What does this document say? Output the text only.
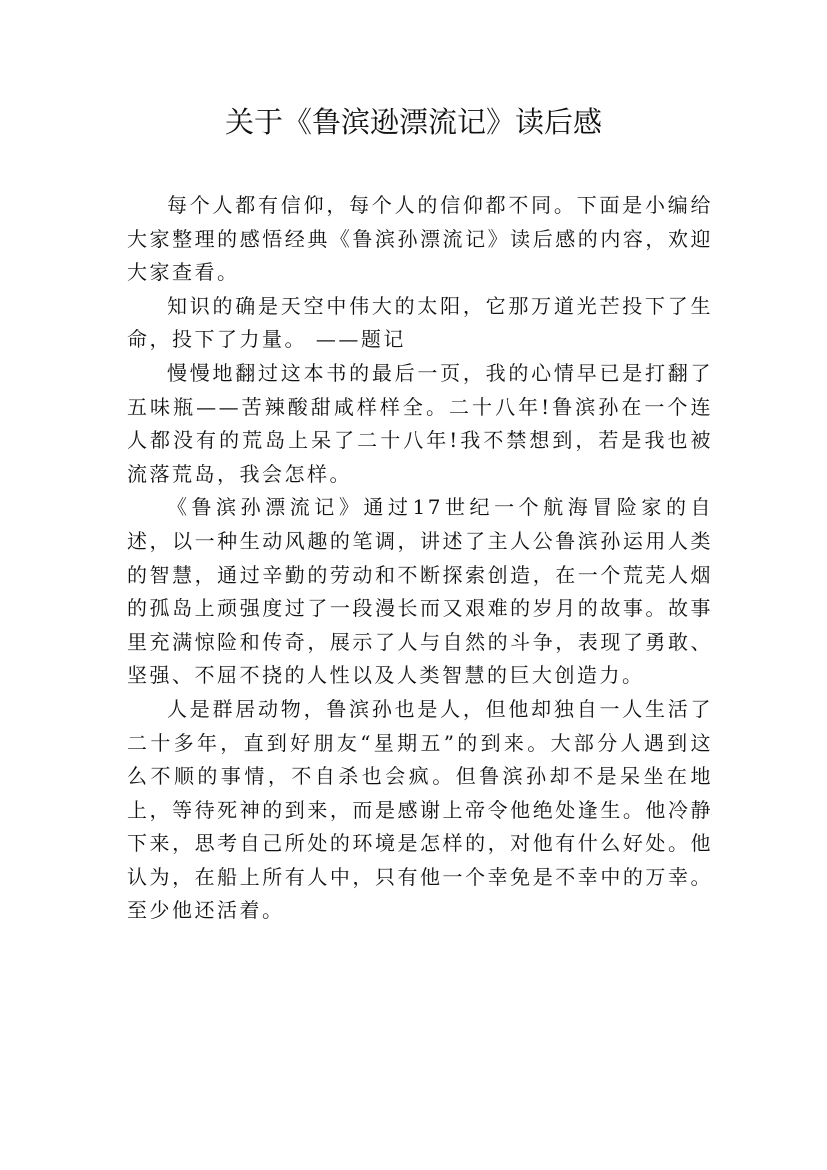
关于《鲁滨逊漂流记》读后感

每个人都有信仰，每个人的信仰都不同。下面是小编给大家整理的感悟经典《鲁滨孙漂流记》读后感的内容，欢迎大家查看。

知识的确是天空中伟大的太阳，它那万道光芒投下了生命，投下了力量。 ——题记

慢慢地翻过这本书的最后一页，我的心情早已是打翻了五味瓶——苦辣酸甜咸样样全。二十八年!鲁滨孙在一个连人都没有的荒岛上呆了二十八年!我不禁想到，若是我也被流落荒岛，我会怎样。

《鲁滨孙漂流记》通过17世纪一个航海冒险家的自述，以一种生动风趣的笔调，讲述了主人公鲁滨孙运用人类的智慧，通过辛勤的劳动和不断探索创造，在一个荒芜人烟的孤岛上顽强度过了一段漫长而又艰难的岁月的故事。故事里充满惊险和传奇，展示了人与自然的斗争，表现了勇敢、坚强、不屈不挠的人性以及人类智慧的巨大创造力。

人是群居动物，鲁滨孙也是人，但他却独自一人生活了二十多年，直到好朋友“星期五”的到来。大部分人遇到这么不顺的事情，不自杀也会疯。但鲁滨孙却不是呆坐在地上，等待死神的到来，而是感谢上帝令他绝处逢生。他冷静下来，思考自己所处的环境是怎样的，对他有什么好处。他认为，在船上所有人中，只有他一个幸免是不幸中的万幸。至少他还活着。
